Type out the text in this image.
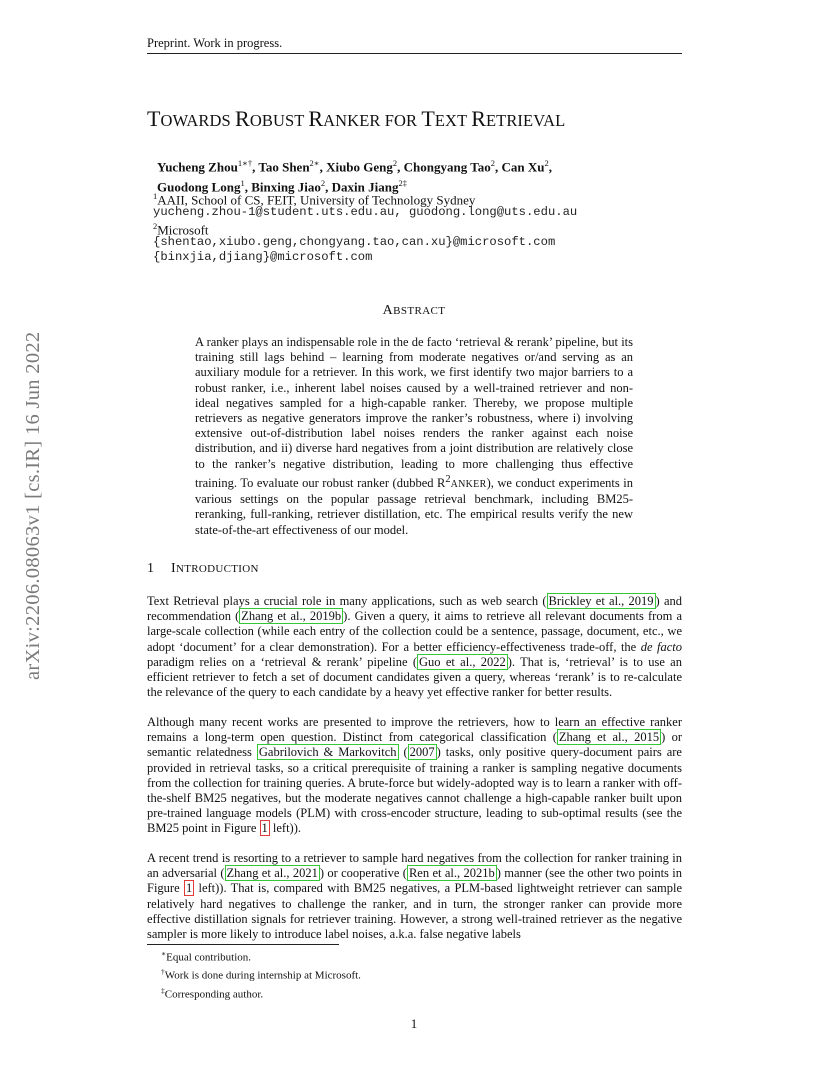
Preprint. Work in progress.
arXiv:2206.08063v1 [cs.IR] 16 Jun 2022
TOWARDS ROBUST RANKER FOR TEXT RETRIEVAL
Yucheng Zhou$^{1∗\dagger}$, Tao Shen$^{2∗}$, Xiubo Geng$^2$, Chongyang Tao$^2$, Can Xu$^2$,
Guodong Long$^1$, Binxing Jiao$^2$, Daxin Jiang$^{2\ddagger}$
$^1$AAII, School of CS, FEIT, University of Technology Sydney
yucheng.zhou-1@student.uts.edu.au, guodong.long@uts.edu.au
$^2$Microsoft
{shentao,xiubo.geng,chongyang.tao,can.xu}@microsoft.com
{binxjia,djiang}@microsoft.com
ABSTRACT
A ranker plays an indispensable role in the de facto ‘retrieval & rerank’ pipeline, but its training still lags behind – learning from moderate negatives or/and serving as an auxiliary module for a retriever. In this work, we first identify two major barriers to a robust ranker, i.e., inherent label noises caused by a well-trained retriever and non-ideal negatives sampled for a high-capable ranker. Thereby, we propose multiple retrievers as negative generators improve the ranker’s robustness, where i) involving extensive out-of-distribution label noises renders the ranker against each noise distribution, and ii) diverse hard negatives from a joint distribution are relatively close to the ranker’s negative distribution, leading to more challenging thus effective training. To evaluate our robust ranker (dubbed $R^2ANKER$), we conduct experiments in various settings on the popular passage retrieval benchmark, including BM25-reranking, full-ranking, retriever distillation, etc. The empirical results verify the new state-of-the-art effectiveness of our model.
1 INTRODUCTION
Text Retrieval plays a crucial role in many applications, such as web search ( Brickley et al., 2019 ) and recommendation ( Zhang et al., 2019b ). Given a query, it aims to retrieve all relevant documents from a large-scale collection (while each entry of the collection could be a sentence, passage, document, etc., we adopt ‘document’ for a clear demonstration). For a better efficiency-effectiveness trade-off, the de facto paradigm relies on a ‘retrieval & rerank’ pipeline ( Guo et al., 2022 ). That is, ‘retrieval’ is to use an efficient retriever to fetch a set of document candidates given a query, whereas ‘rerank’ is to re-calculate the relevance of the query to each candidate by a heavy yet effective ranker for better results.
Although many recent works are presented to improve the retrievers, how to learn an effective ranker remains a long-term open question. Distinct from categorical classification ( Zhang et al., 2015 ) or semantic relatedness Gabrilovich & Markovitch ( 2007 ) tasks, only positive query-document pairs are provided in retrieval tasks, so a critical prerequisite of training a ranker is sampling negative documents from the collection for training queries. A brute-force but widely-adopted way is to learn a ranker with off-the-shelf BM25 negatives, but the moderate negatives cannot challenge a high-capable ranker built upon pre-trained language models (PLM) with cross-encoder structure, leading to sub-optimal results (see the BM25 point in Figure 1 left)).
A recent trend is resorting to a retriever to sample hard negatives from the collection for ranker training in an adversarial ( Zhang et al., 2021 ) or cooperative ( Ren et al., 2021b ) manner (see the other two points in Figure 1 left)). That is, compared with BM25 negatives, a PLM-based lightweight retriever can sample relatively hard negatives to challenge the ranker, and in turn, the stronger ranker can provide more effective distillation signals for retriever training. However, a strong well-trained retriever as the negative sampler is more likely to introduce label noises, a.k.a. false negative labels
∗Equal contribution.
†Work is done during internship at Microsoft.
‡Corresponding author.
1
